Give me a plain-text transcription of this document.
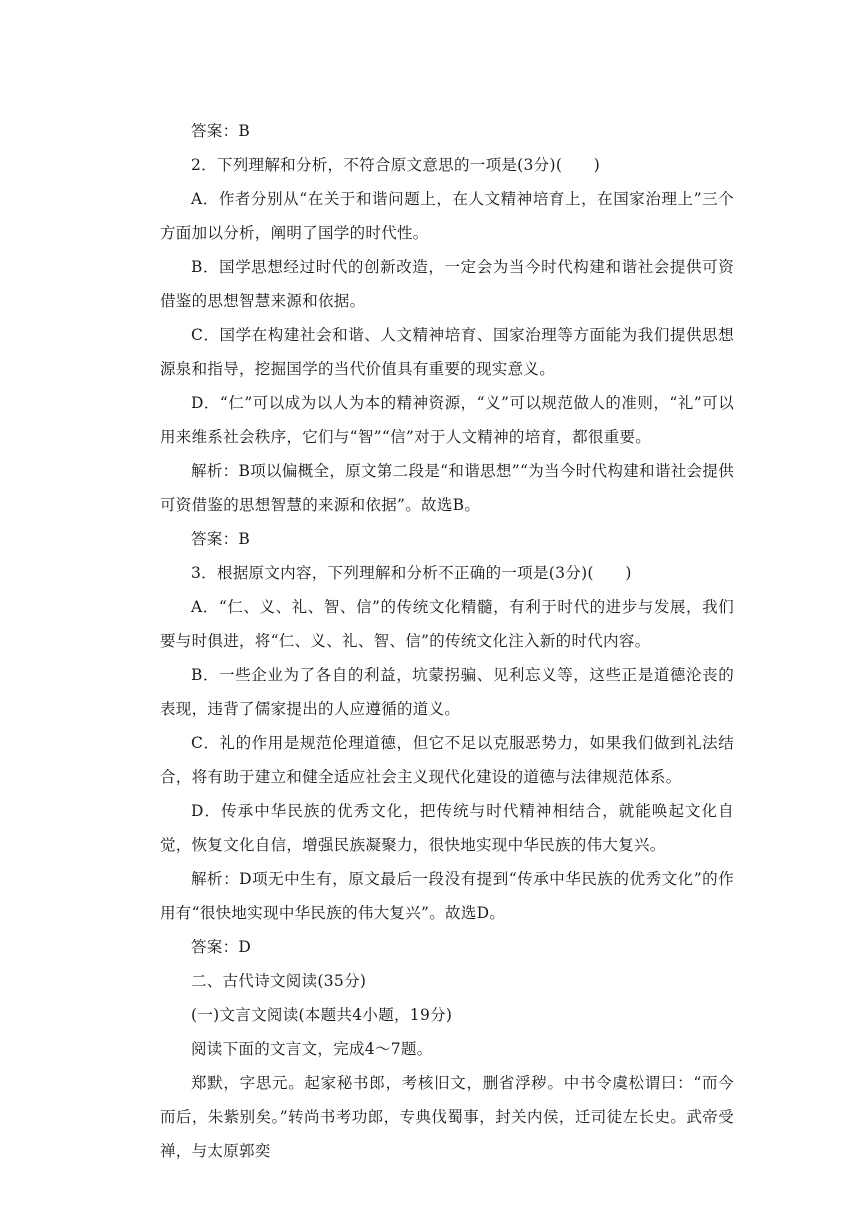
答案：B

2．下列理解和分析，不符合原文意思的一项是(3分)(　　)

A．作者分别从“在关于和谐问题上，在人文精神培育上，在国家治理上”三个方面加以分析，阐明了国学的时代性。

B．国学思想经过时代的创新改造，一定会为当今时代构建和谐社会提供可资借鉴的思想智慧来源和依据。

C．国学在构建社会和谐、人文精神培育、国家治理等方面能为我们提供思想源泉和指导，挖掘国学的当代价值具有重要的现实意义。

D．“仁”可以成为以人为本的精神资源，“义”可以规范做人的准则，“礼”可以用来维系社会秩序，它们与“智”“信”对于人文精神的培育，都很重要。

解析：B项以偏概全，原文第二段是“和谐思想”“为当今时代构建和谐社会提供可资借鉴的思想智慧的来源和依据”。故选B。

答案：B

3．根据原文内容，下列理解和分析不正确的一项是(3分)(　　)

A．“仁、义、礼、智、信”的传统文化精髓，有利于时代的进步与发展，我们要与时俱进，将“仁、义、礼、智、信”的传统文化注入新的时代内容。

B．一些企业为了各自的利益，坑蒙拐骗、见利忘义等，这些正是道德沦丧的表现，违背了儒家提出的人应遵循的道义。

C．礼的作用是规范伦理道德，但它不足以克服恶势力，如果我们做到礼法结合，将有助于建立和健全适应社会主义现代化建设的道德与法律规范体系。

D．传承中华民族的优秀文化，把传统与时代精神相结合，就能唤起文化自觉，恢复文化自信，增强民族凝聚力，很快地实现中华民族的伟大复兴。

解析：D项无中生有，原文最后一段没有提到“传承中华民族的优秀文化”的作用有“很快地实现中华民族的伟大复兴”。故选D。

答案：D

二、古代诗文阅读(35分)

(一)文言文阅读(本题共4小题，19分)

阅读下面的文言文，完成4～7题。

郑默，字思元。起家秘书郎，考核旧文，删省浮秽。中书令虞松谓曰：“而今而后，朱紫别矣。”转尚书考功郎，专典伐蜀事，封关内侯，迁司徒左长史。武帝受禅，与太原郭奕
